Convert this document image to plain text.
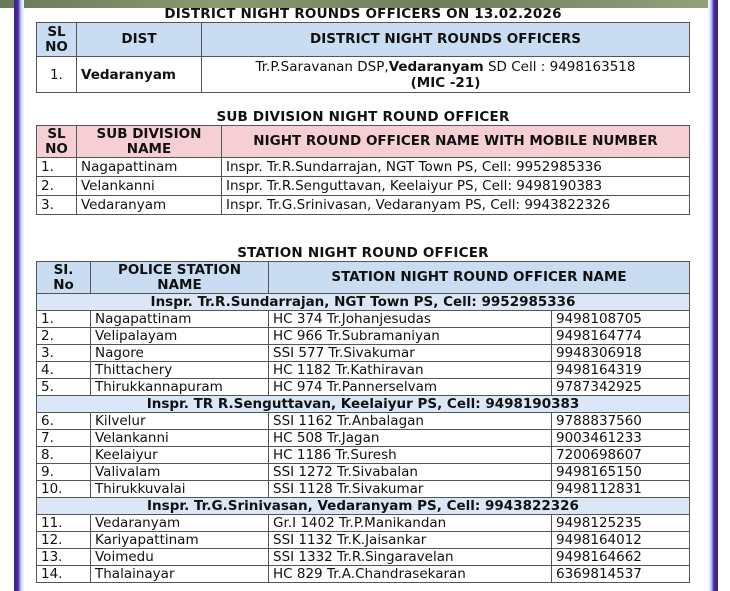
DISTRICT NIGHT ROUNDS OFFICERS ON 13.02.2026
SL NO	DIST	DISTRICT NIGHT ROUNDS OFFICERS
1.	Vedaranyam	Tr.P.Saravanan DSP,Vedaranyam SD Cell : 9498163518
(MIC -21)
SUB DIVISION NIGHT ROUND OFFICER
SL NO	SUB DIVISION NAME	NIGHT ROUND OFFICER NAME WITH MOBILE NUMBER
1.	Nagapattinam	Inspr. Tr.R.Sundarrajan, NGT Town PS, Cell: 9952985336
2.	Velankanni	Inspr. Tr.R.Senguttavan, Keelaiyur PS, Cell: 9498190383
3.	Vedaranyam	Inspr. Tr.G.Srinivasan, Vedaranyam PS, Cell: 9943822326
STATION NIGHT ROUND OFFICER
SI. No	POLICE STATION NAME	STATION NIGHT ROUND OFFICER NAME	
Inspr. Tr.R.Sundarrajan, NGT Town PS, Cell: 9952985336			
1.	Nagapattinam	HC 374 Tr.Johanjesudas	9498108705
2.	Velipalayam	HC 966 Tr.Subramaniyan	9498164774
3.	Nagore	SSI 577 Tr.Sivakumar	9948306918
4.	Thittachery	HC 1182 Tr.Kathiravan	9498164319
5.	Thirukkannapuram	HC 974 Tr.Pannerselvam	9787342925
Inspr. TR R.Senguttavan, Keelaiyur PS, Cell: 9498190383			
6.	Kilvelur	SSI 1162 Tr.Anbalagan	9788837560
7.	Velankanni	HC 508 Tr.Jagan	9003461233
8.	Keelaiyur	HC 1186 Tr.Suresh	7200698607
9.	Valivalam	SSI 1272 Tr.Sivabalan	9498165150
10.	Thirukkuvalai	SSI 1128 Tr.Sivakumar	9498112831
Inspr. Tr.G.Srinivasan, Vedaranyam PS, Cell: 9943822326			
11.	Vedaranyam	Gr.I 1402 Tr.P.Manikandan	9498125235
12.	Kariyapattinam	SSI 1132 Tr.K.Jaisankar	9498164012
13.	Voimedu	SSI 1332 Tr.R.Singaravelan	9498164662
14.	Thalainayar	HC 829 Tr.A.Chandrasekaran	6369814537
